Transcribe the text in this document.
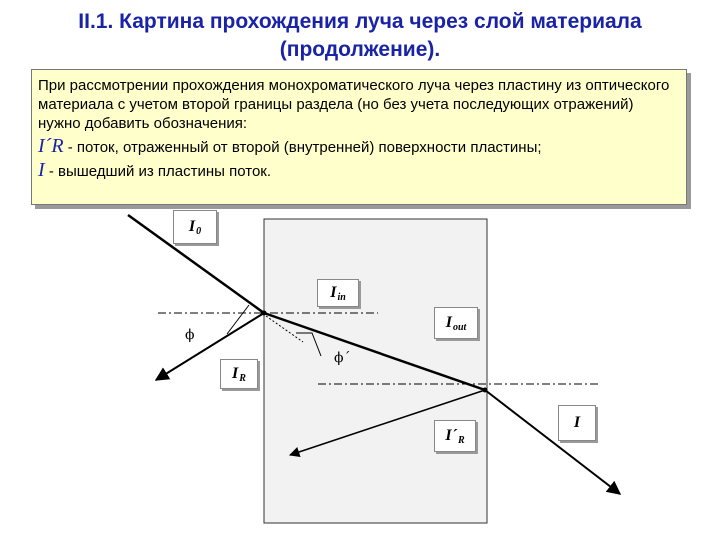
II.1. Картина прохождения луча через слой материала
(продолжение).

При рассмотрении прохождения монохроматического луча через пластину из оптического материала с учетом второй границы раздела (но без учета последующих отражений) нужно добавить обозначения:

I´R - поток, отраженный от второй (внутренней) поверхности пластины;
I - вышедший из пластины поток.
I 0
I in
I out
I R
I´ R
I
ϕ
ϕ´
